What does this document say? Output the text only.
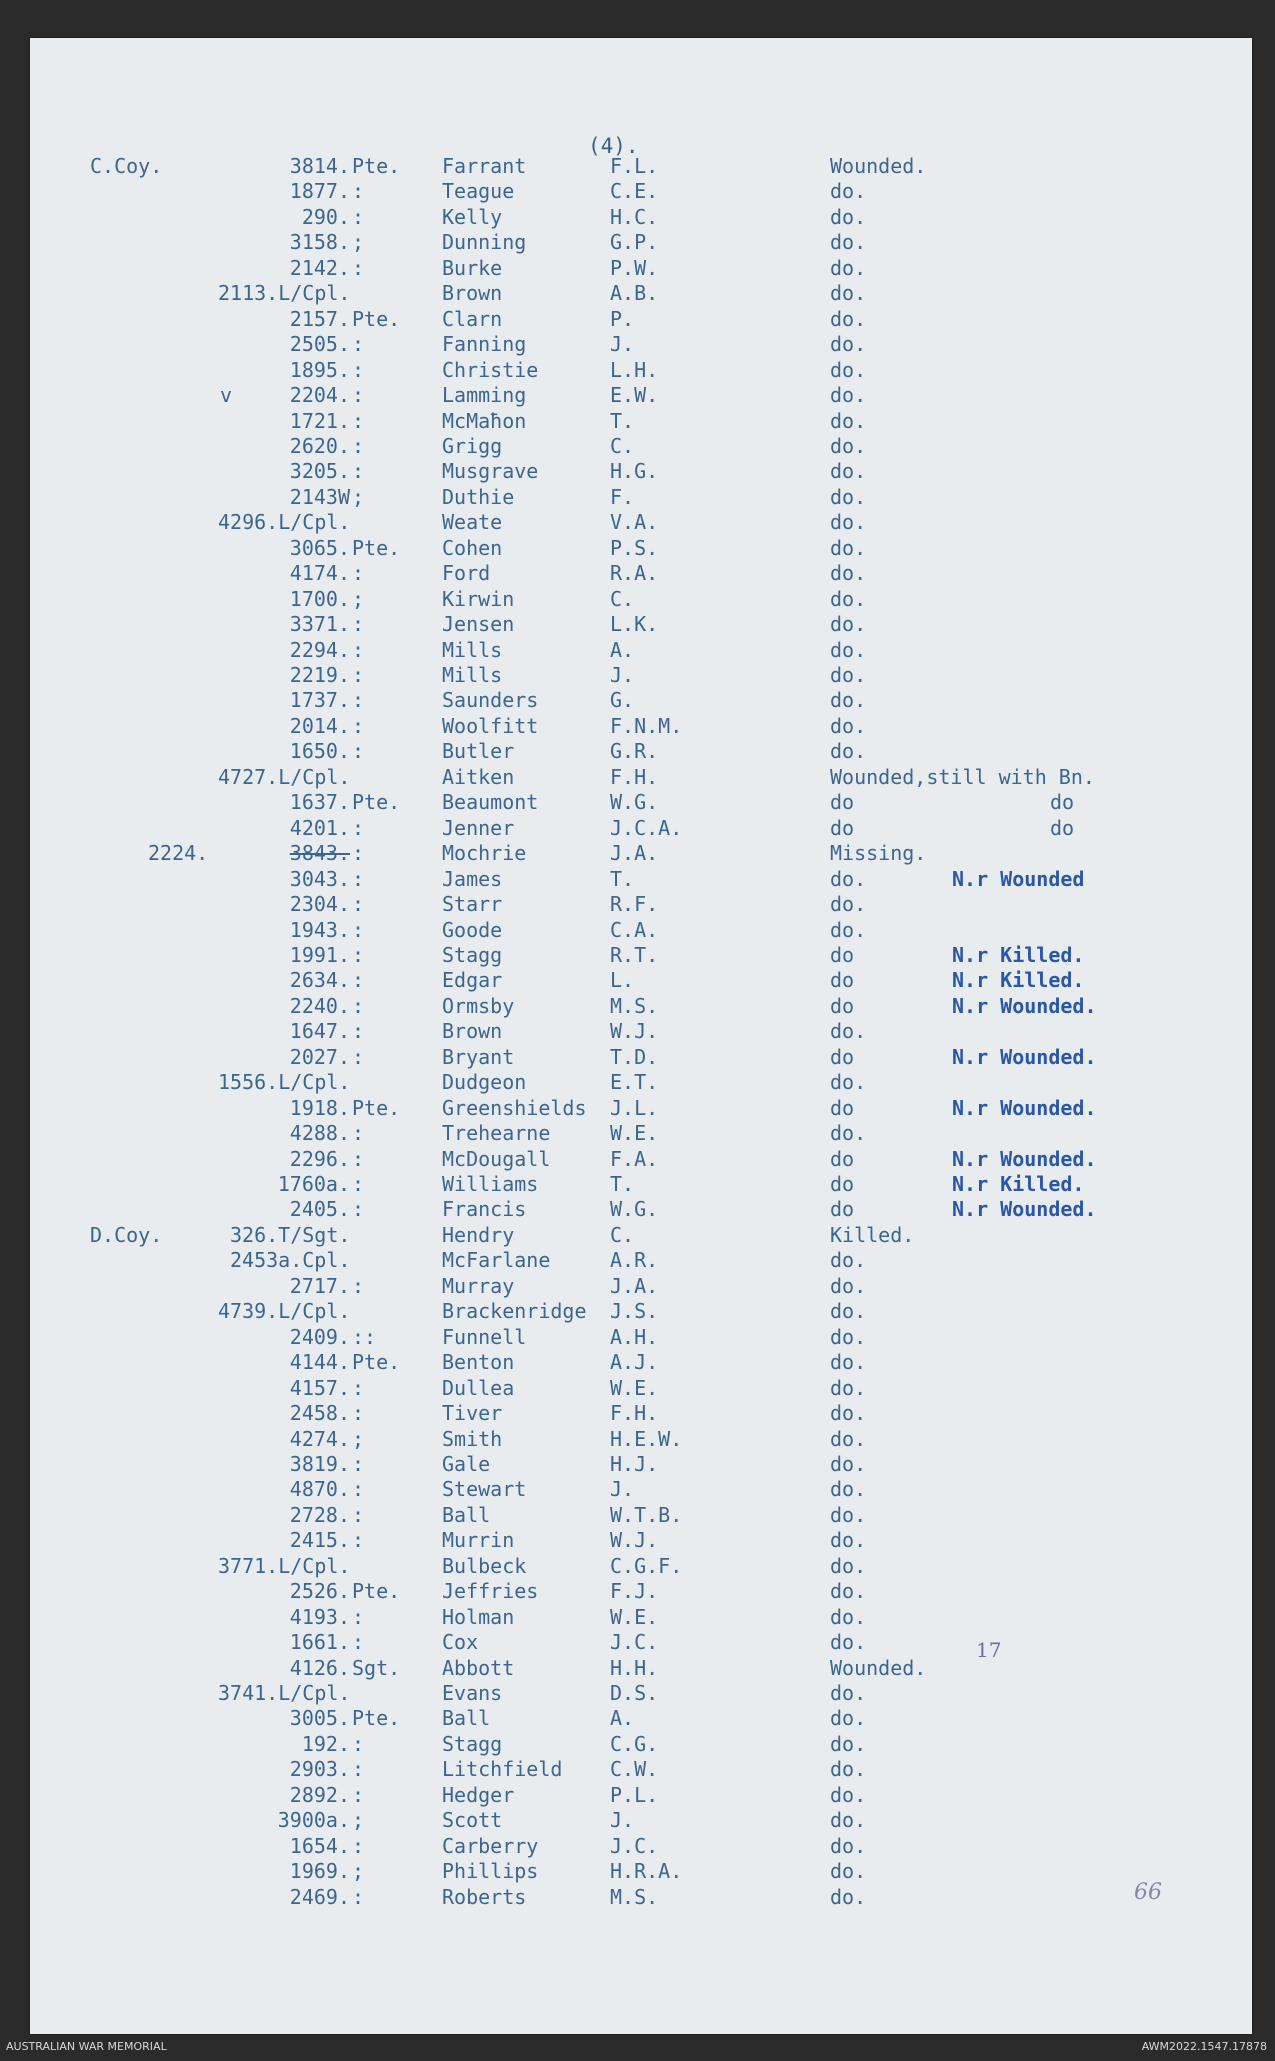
(4).
C.Coy.	3814. Pte. Farrant	F.L.	Wounded.
1877. :	Teague	C.E.	do.
290. :	Kelly	H.C.	do.
3158. ;	Dunning	G.P.	do.
2142. :	Burke	P.W.	do.
2113.L/Cpl.	Brown	A.B.	do.
2157. Pte. Clarn	P.	do.
2505. :	Fanning	J.	do.
1895. :	Christie	L.H.	do.
v	2204. :	Lamming	E.W.	do.
1721. :	McMaħon	T.	do.
2620. :	Grigg	C.	do.
3205. :	Musgrave	H.G.	do.
2143W ;	Duthie	F.	do.
4296.L/Cpl.	Weate	V.A.	do.
3065. Pte. Cohen	P.S.	do.
4174. :	Ford	R.A.	do.
1700. ;	Kirwin	C.	do.
3371. :	Jensen	L.K.	do.
2294. :	Mills	A.	do.
2219. :	Mills	J.	do.
1737. :	Saunders	G.	do.
2014. :	Woolfitt	F.N.M.	do.
1650. :	Butler	G.R.	do.
4727.L/Cpl.	Aitken	F.H.	Wounded,still with Bn.
1637. Pte. Beaumont	W.G.	do	do
4201. :	Jenner	J.C.A.	do	do
2224.	3843. :	Mochrie	J.A.	Missing.
3043. :	James	T.	do.	N.r Wounded
2304. :	Starr	R.F.	do.
1943. :	Goode	C.A.	do.
1991. :	Stagg	R.T.	do	N.r Killed.
2634. :	Edgar	L.	do	N.r Killed.
2240. :	Ormsby	M.S.	do	N.r Wounded.
1647. :	Brown	W.J.	do.
2027. :	Bryant	T.D.	do	N.r Wounded.
1556.L/Cpl.	Dudgeon	E.T.	do.
1918. Pte. Greenshields J.L.	do	N.r Wounded.
4288. :	Trehearne	W.E.	do.
2296. :	McDougall	F.A.	do	N.r Wounded.
1760a. :	Williams	T.	do	N.r Killed.
2405. :	Francis	W.G.	do	N.r Wounded.
D.Coy.	326.T/Sgt.	Hendry	C.	Killed.
2453a.Cpl.	McFarlane	A.R.	do.
2717. :	Murray	J.A.	do.
4739.L/Cpl.	Brackenridge J.S.	do.
2409. ::	Funnell	A.H.	do.
4144. Pte. Benton	A.J.	do.
4157. :	Dullea	W.E.	do.
2458. :	Tiver	F.H.	do.
4274. ;	Smith	H.E.W.	do.
3819. :	Gale	H.J.	do.
4870. :	Stewart	J.	do.
2728. :	Ball	W.T.B.	do.
2415. :	Murrin	W.J.	do.
3771.L/Cpl.	Bulbeck	C.G.F.	do.
2526. Pte. Jeffries	F.J.	do.
4193. :	Holman	W.E.	do.
1661. :	Cox	J.C.	do.
4126. Sgt. Abbott	H.H.	Wounded.
3741.L/Cpl.	Evans	D.S.	do.
3005. Pte. Ball	A.	do.
192. :	Stagg	C.G.	do.
2903. :	Litchfield C.W.	do.
2892. :	Hedger	P.L.	do.
3900a. ;	Scott	J.	do.
1654. :	Carberry	J.C.	do.
1969. ;	Phillips	H.R.A.	do.
2469. :	Roberts	M.S.	do.
17
66
AUSTRALIAN WAR MEMORIAL	AWM2022.1547.17878
